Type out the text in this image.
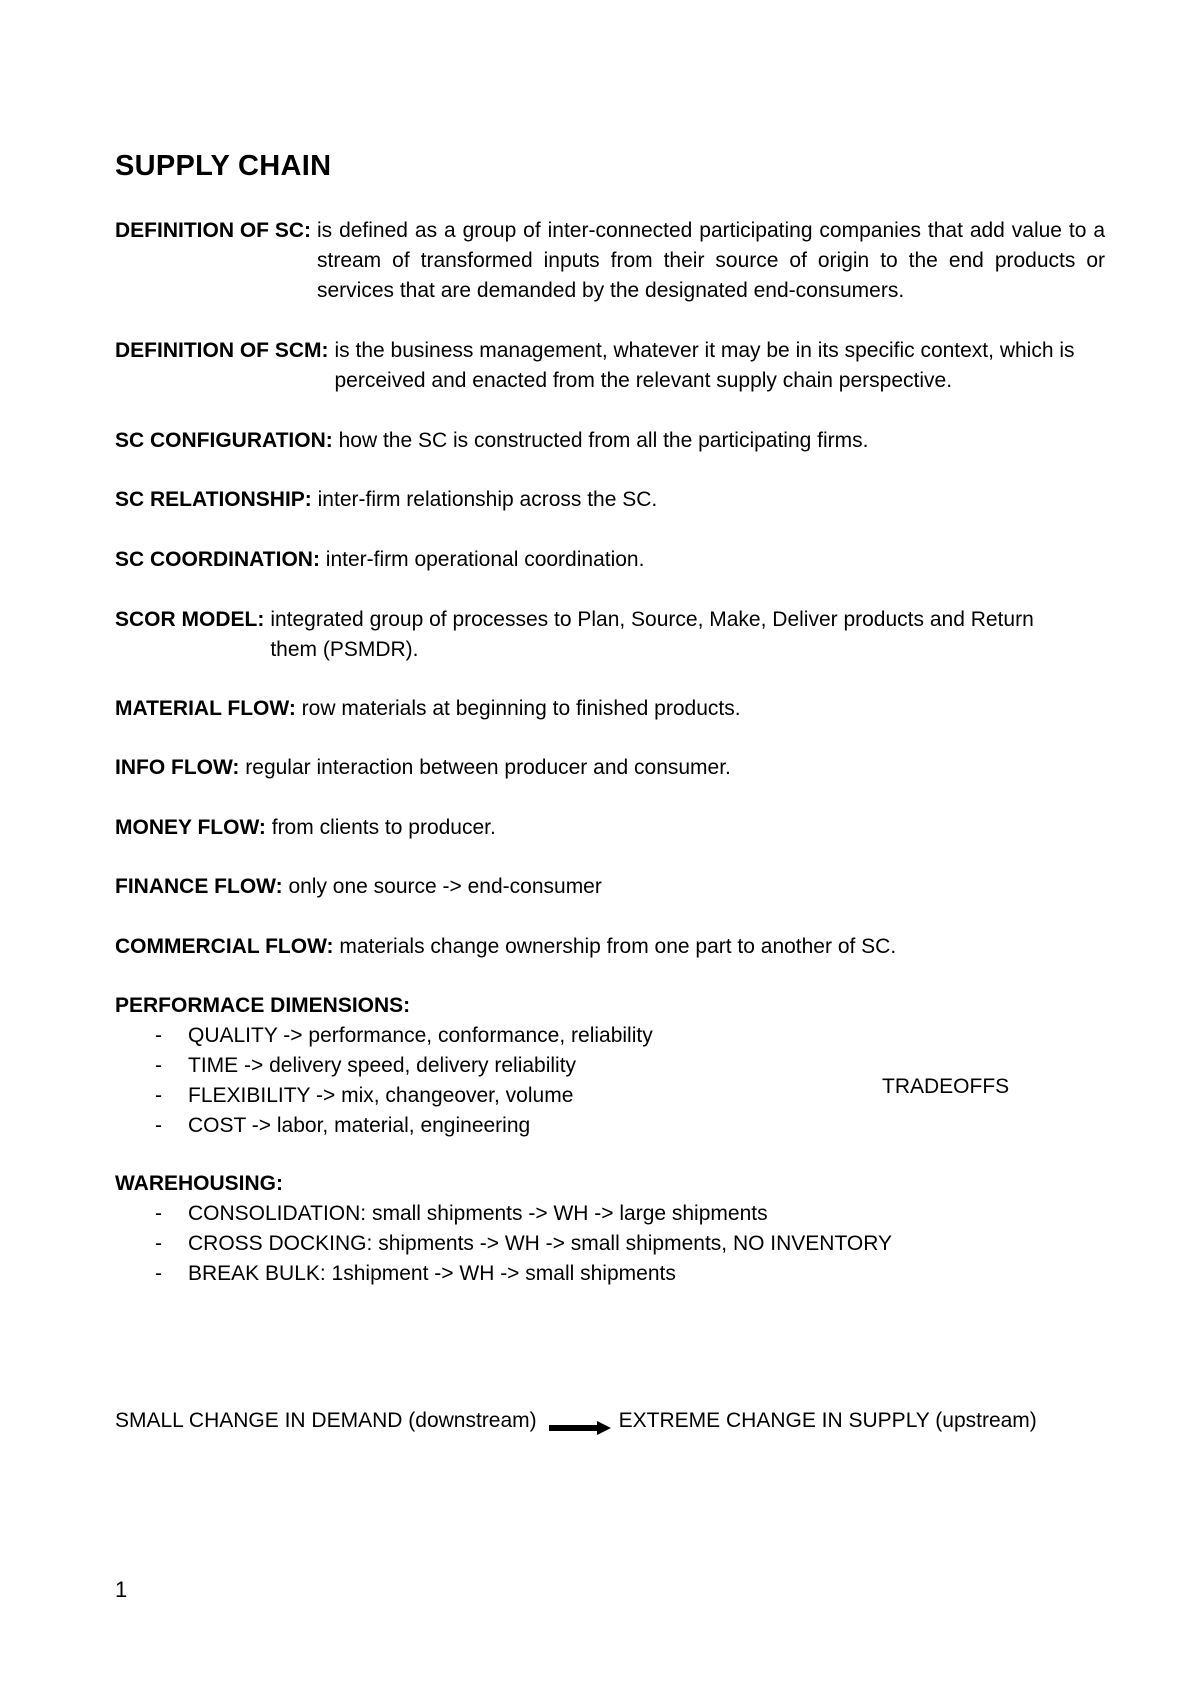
SUPPLY CHAIN
DEFINITION OF SC: is defined as a group of inter-connected participating companies that add value to a stream of transformed inputs from their source of origin to the end products or services that are demanded by the designated end-consumers.
DEFINITION OF SCM: is the business management, whatever it may be in its specific context, which is perceived and enacted from the relevant supply chain perspective.
SC CONFIGURATION: how the SC is constructed from all the participating firms.
SC RELATIONSHIP: inter-firm relationship across the SC.
SC COORDINATION: inter-firm operational coordination.
SCOR MODEL: integrated group of processes to Plan, Source, Make, Deliver products and Return them (PSMDR).
MATERIAL FLOW: row materials at beginning to finished products.
INFO FLOW: regular interaction between producer and consumer.
MONEY FLOW: from clients to producer.
FINANCE FLOW: only one source -> end-consumer
COMMERCIAL FLOW: materials change ownership from one part to another of SC.
PERFORMACE DIMENSIONS:
- QUALITY -> performance, conformance, reliability
- TIME -> delivery speed, delivery reliability
- FLEXIBILITY -> mix, changeover, volume
- COST -> labor, material, engineering
TRADEOFFS
WAREHOUSING:
- CONSOLIDATION: small shipments -> WH -> large shipments
- CROSS DOCKING: shipments -> WH -> small shipments, NO INVENTORY
- BREAK BULK: 1shipment -> WH -> small shipments
SMALL CHANGE IN DEMAND (downstream)	EXTREME CHANGE IN SUPPLY (upstream)
1
